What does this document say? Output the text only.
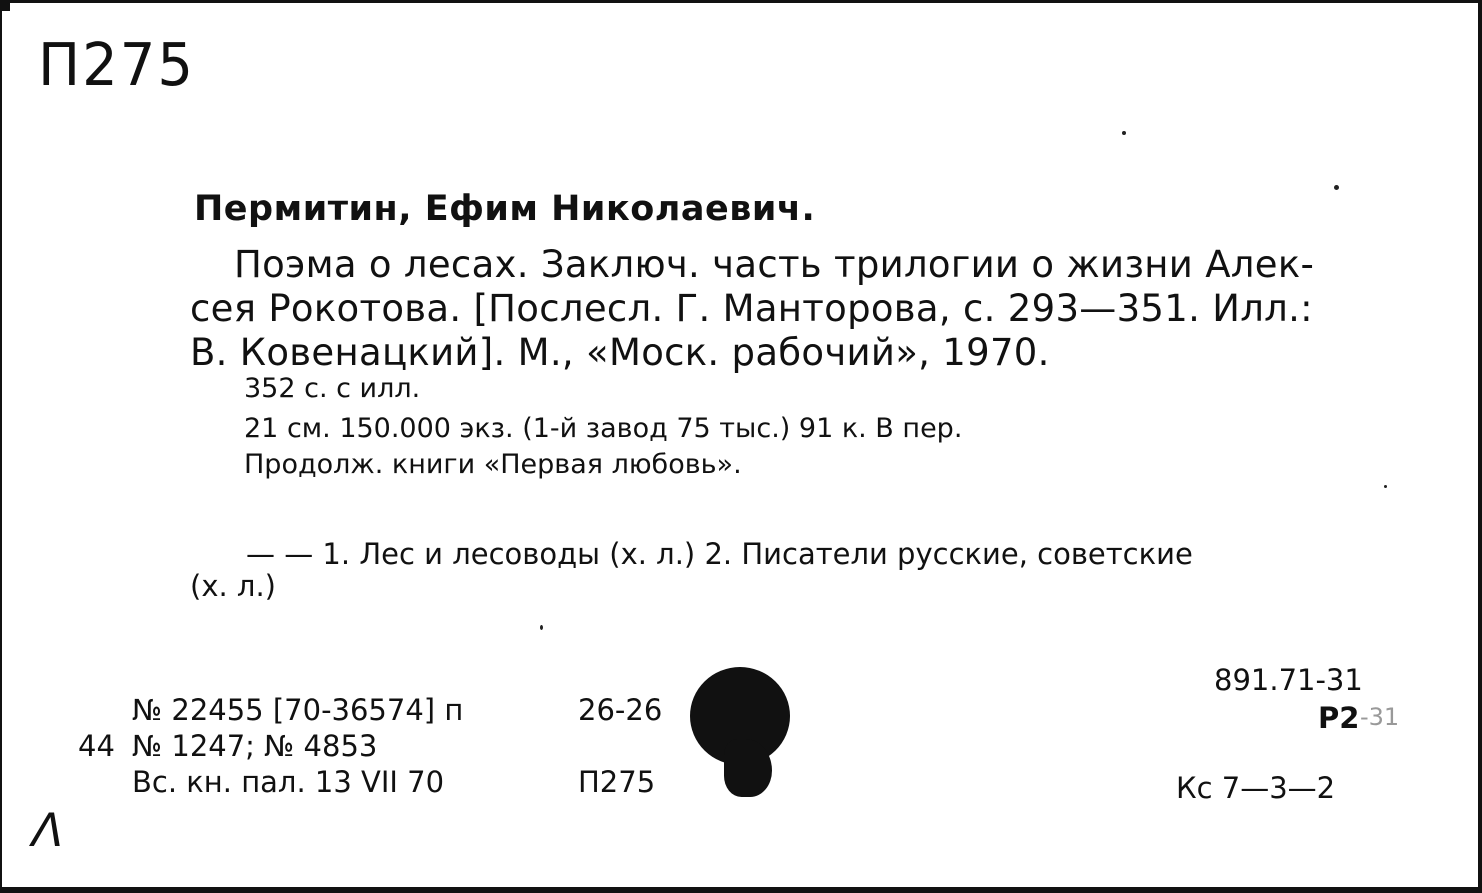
П275
Пермитин, Ефим Николаевич.
Поэма о лесах. Заключ. часть трилогии о жизни Алек-
сея Рокотова. [Послесл. Г. Манторова, с. 293—351. Илл.:
В. Ковенацкий]. М., «Моск. рабочий», 1970.
352 с. с илл.
21 см. 150.000 экз. (1-й завод 75 тыс.) 91 к. В пер.
Продолж. книги «Первая любовь».
— — 1. Лес и лесоводы (х. л.) 2. Писатели русские, советские
(х. л.)
№ 22455 [70-36574] п	26-26
44 № 1247; № 4853
Вс. кн. пал. 13 VII 70	П275
891.71-31
Р2 -31
Кс 7—3—2
Λ
